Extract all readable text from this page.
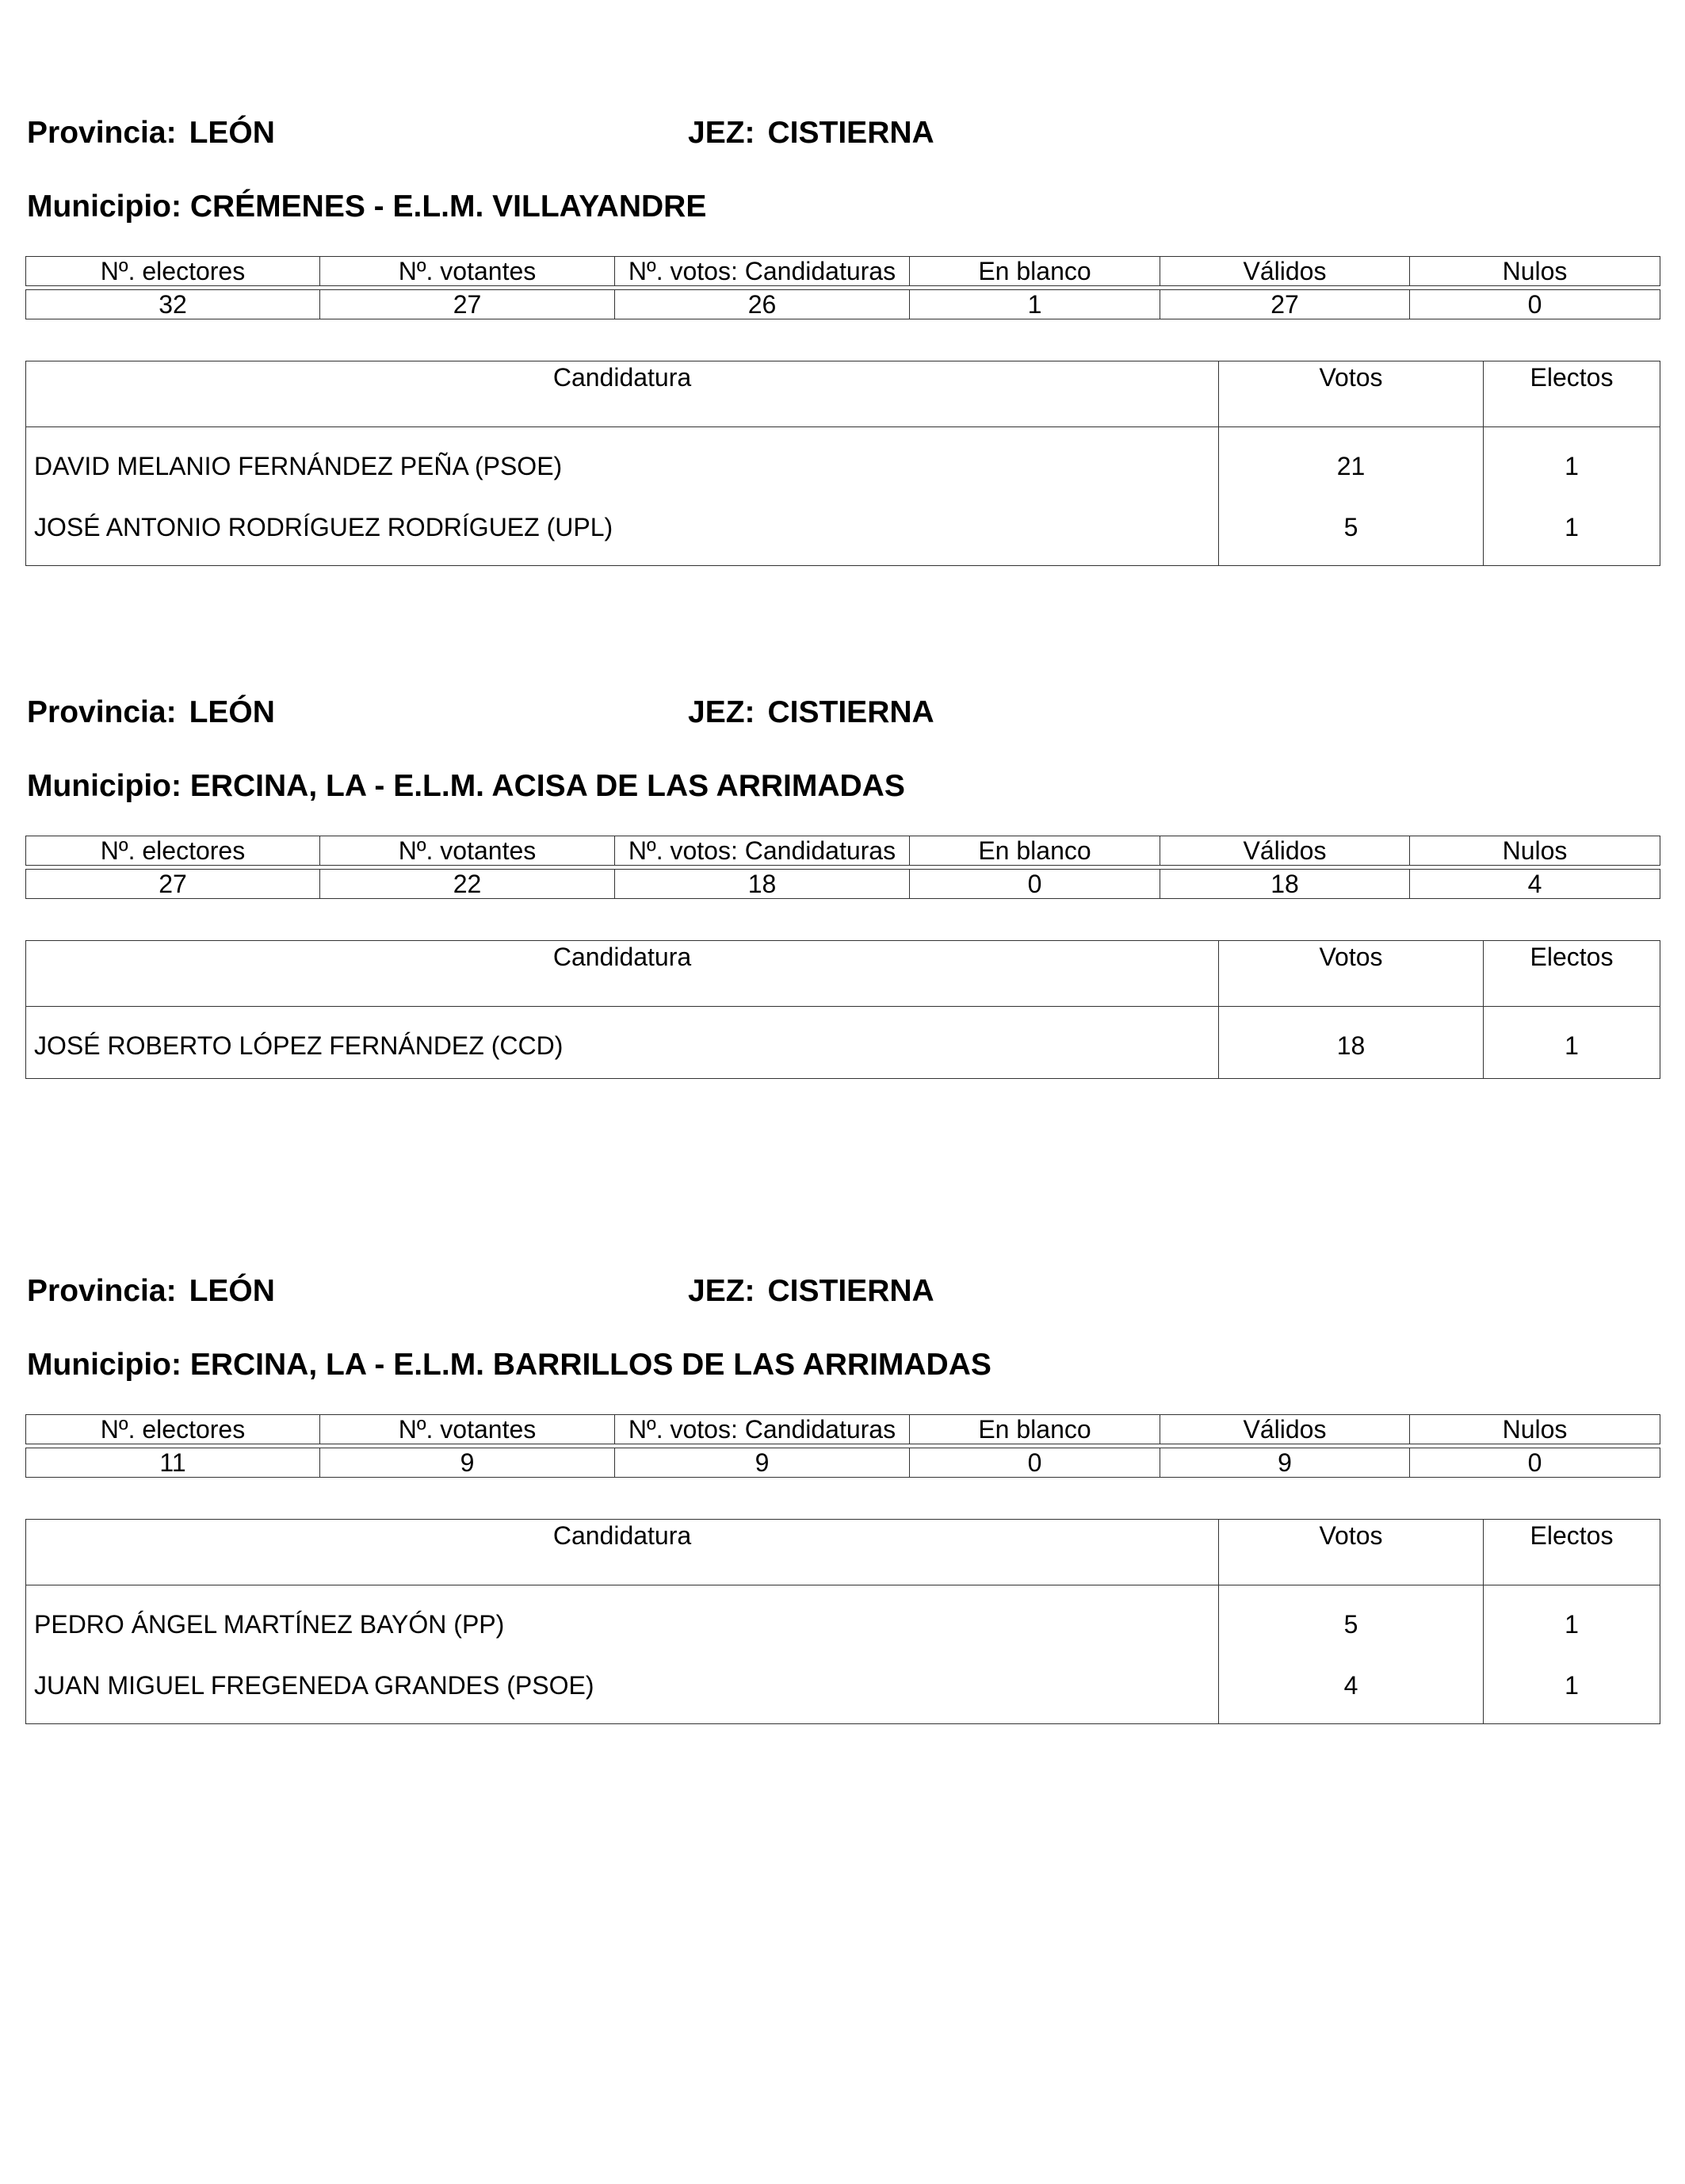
Provincia: LEÓN	JEZ: CISTIERNA
Municipio: CRÉMENES - E.L.M. VILLAYANDRE
Nº. electores	Nº. votantes	Nº. votos: Candidaturas	En blanco	Válidos	Nulos

32	27	26	1	27	0
Candidatura	Votos	Electos
DAVID MELANIO FERNÁNDEZ PEÑA (PSOE)	21	1
JOSÉ ANTONIO RODRÍGUEZ RODRÍGUEZ (UPL)	5	1
Provincia: LEÓN	JEZ: CISTIERNA
Municipio: ERCINA, LA - E.L.M. ACISA DE LAS ARRIMADAS
Nº. electores	Nº. votantes	Nº. votos: Candidaturas	En blanco	Válidos	Nulos

27	22	18	0	18	4
Candidatura	Votos	Electos
JOSÉ ROBERTO LÓPEZ FERNÁNDEZ (CCD)	18	1
Provincia: LEÓN	JEZ: CISTIERNA
Municipio: ERCINA, LA - E.L.M. BARRILLOS DE LAS ARRIMADAS
Nº. electores	Nº. votantes	Nº. votos: Candidaturas	En blanco	Válidos	Nulos

11	9	9	0	9	0
Candidatura	Votos	Electos
PEDRO ÁNGEL MARTÍNEZ BAYÓN (PP)	5	1
JUAN MIGUEL FREGENEDA GRANDES (PSOE)	4	1
